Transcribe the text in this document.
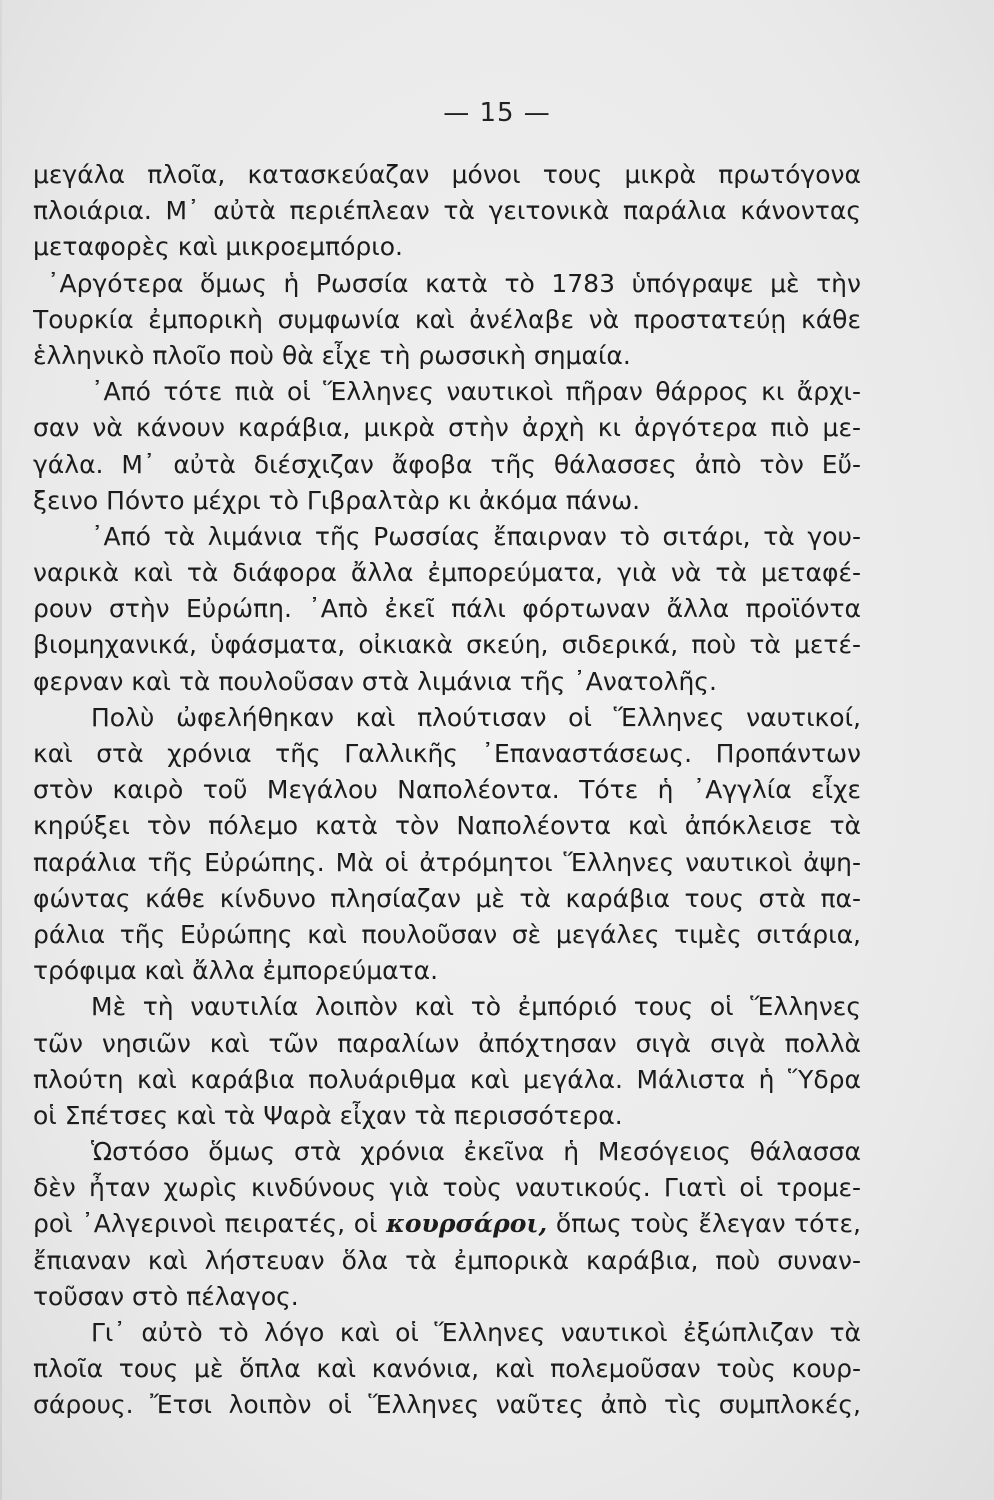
— 15 —
μεγάλα πλοῖα, κατασκεύαζαν μόνοι τους μικρὰ πρωτόγονα
πλοιάρια. Μ᾽ αὐτὰ περιέπλεαν τὰ γειτονικὰ παράλια κάνοντας
μεταφορὲς καὶ μικροεμπόριο.
᾽Αργότερα ὅμως ἡ Ρωσσία κατὰ τὸ 1783 ὑπόγραψε μὲ τὴν
Τουρκία ἐμπορικὴ συμφωνία καὶ ἀνέλαβε νὰ προστατεύῃ κάθε
ἑλληνικὸ πλοῖο ποὺ θὰ εἶχε τὴ ρωσσικὴ σημαία.
᾽Από τότε πιὰ οἱ Ἕλληνες ναυτικοὶ πῆραν θάρρος κι ἄρχι-
σαν νὰ κάνουν καράβια, μικρὰ στὴν ἀρχὴ κι ἀργότερα πιὸ με-
γάλα. Μ᾽ αὐτὰ διέσχιζαν ἄφοβα τῆς θάλασσες ἀπὸ τὸν Εὔ-
ξεινο Πόντο μέχρι τὸ Γιβραλτὰρ κι ἀκόμα πάνω.
᾽Από τὰ λιμάνια τῆς Ρωσσίας ἔπαιρναν τὸ σιτάρι, τὰ γου-
ναρικὰ καὶ τὰ διάφορα ἄλλα ἐμπορεύματα, γιὰ νὰ τὰ μεταφέ-
ρουν στὴν Εὐρώπη. ᾽Απὸ ἐκεῖ πάλι φόρτωναν ἄλλα προϊόντα
βιομηχανικά, ὑφάσματα, οἰκιακὰ σκεύη, σιδερικά, ποὺ τὰ μετέ-
φερναν καὶ τὰ πουλοῦσαν στὰ λιμάνια τῆς ᾽Ανατολῆς.
Πολὺ ὠφελήθηκαν καὶ πλούτισαν οἱ Ἕλληνες ναυτικοί,
καὶ στὰ χρόνια τῆς Γαλλικῆς ᾽Επαναστάσεως. Προπάντων
στὸν καιρὸ τοῦ Μεγάλου Ναπολέοντα. Τότε ἡ ᾽Αγγλία εἶχε
κηρύξει τὸν πόλεμο κατὰ τὸν Ναπολέοντα καὶ ἀπόκλεισε τὰ
παράλια τῆς Εὐρώπης. Μὰ οἱ ἀτρόμητοι Ἕλληνες ναυτικοὶ ἀψη-
φώντας κάθε κίνδυνο πλησίαζαν μὲ τὰ καράβια τους στὰ πα-
ράλια τῆς Εὐρώπης καὶ πουλοῦσαν σὲ μεγάλες τιμὲς σιτάρια,
τρόφιμα καὶ ἄλλα ἐμπορεύματα.
Μὲ τὴ ναυτιλία λοιπὸν καὶ τὸ ἐμπόριό τους οἱ Ἕλληνες
τῶν νησιῶν καὶ τῶν παραλίων ἀπόχτησαν σιγὰ σιγὰ πολλὰ
πλούτη καὶ καράβια πολυάριθμα καὶ μεγάλα. Μάλιστα ἡ Ὕδρα
οἱ Σπέτσες καὶ τὰ Ψαρὰ εἶχαν τὰ περισσότερα.
Ὡστόσο ὅμως στὰ χρόνια ἐκεῖνα ἡ Μεσόγειος θάλασσα
δὲν ἦταν χωρὶς κινδύνους γιὰ τοὺς ναυτικούς. Γιατὶ οἱ τρομε-
ροὶ ᾽Αλγερινοὶ πειρατές, οἱ κουρσάροι, ὅπως τοὺς ἔλεγαν τότε,
ἔπιαναν καὶ λήστευαν ὅλα τὰ ἐμπορικὰ καράβια, ποὺ συναν-
τοῦσαν στὸ πέλαγος.
Γι᾽ αὐτὸ τὸ λόγο καὶ οἱ Ἕλληνες ναυτικοὶ ἐξώπλιζαν τὰ
πλοῖα τους μὲ ὅπλα καὶ κανόνια, καὶ πολεμοῦσαν τοὺς κουρ-
σάρους. Ἔτσι λοιπὸν οἱ Ἕλληνες ναῦτες ἀπὸ τὶς συμπλοκές,
